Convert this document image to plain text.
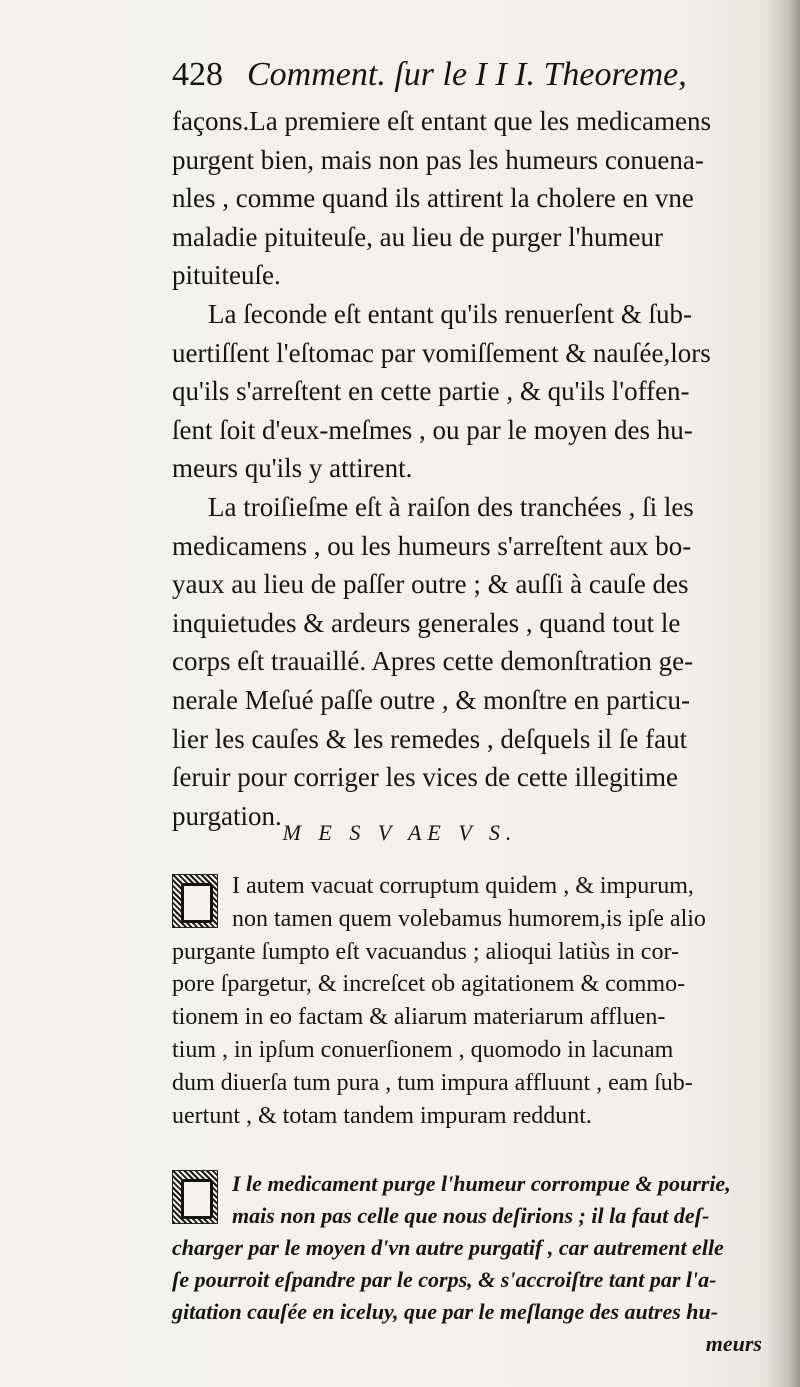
428 Comment. ſur le I I I. Theoreme,
façons.La premiere eſt entant que les medicamens
purgent bien, mais non pas les humeurs conuena-
nles , comme quand ils attirent la cholere en vne
maladie pituiteuſe, au lieu de purger l'humeur
pituiteuſe.
La ſeconde eſt entant qu'ils renuerſent & ſub-
uertiſſent l'eſtomac par vomiſſement & nauſée,lors
qu'ils s'arreſtent en cette partie , & qu'ils l'offen-
ſent ſoit d'eux-meſmes , ou par le moyen des hu-
meurs qu'ils y attirent.
La troiſieſme eſt à raiſon des tranchées , ſi les
medicamens , ou les humeurs s'arreſtent aux bo-
yaux au lieu de paſſer outre ; & auſſi à cauſe des
inquietudes & ardeurs generales , quand tout le
corps eſt trauaillé. Apres cette demonſtration ge-
nerale Meſué paſſe outre , & monſtre en particu-
lier les cauſes & les remedes , deſquels il ſe faut
ſeruir pour corriger les vices de cette illegitime
purgation.
M E S V AE V S.
I autem vacuat corruptum quidem , & impurum,
non tamen quem volebamus humorem,is ipſe alio
purgante ſumpto eſt vacuandus ; alioqui latiùs in cor-
pore ſpargetur, & increſcet ob agitationem & commo-
tionem in eo factam & aliarum materiarum affluen-
tium , in ipſum conuerſionem , quomodo in lacunam
dum diuerſa tum pura , tum impura affluunt , eam ſub-
uertunt , & totam tandem impuram reddunt.
I le medicament purge l'humeur corrompue & pourrie,
mais non pas celle que nous deſirions ; il la faut deſ-
charger par le moyen d'vn autre purgatif , car autrement elle
ſe pourroit eſpandre par le corps, & s'accroiſtre tant par l'a-
gitation cauſée en iceluy, que par le meſlange des autres hu-
meurs
